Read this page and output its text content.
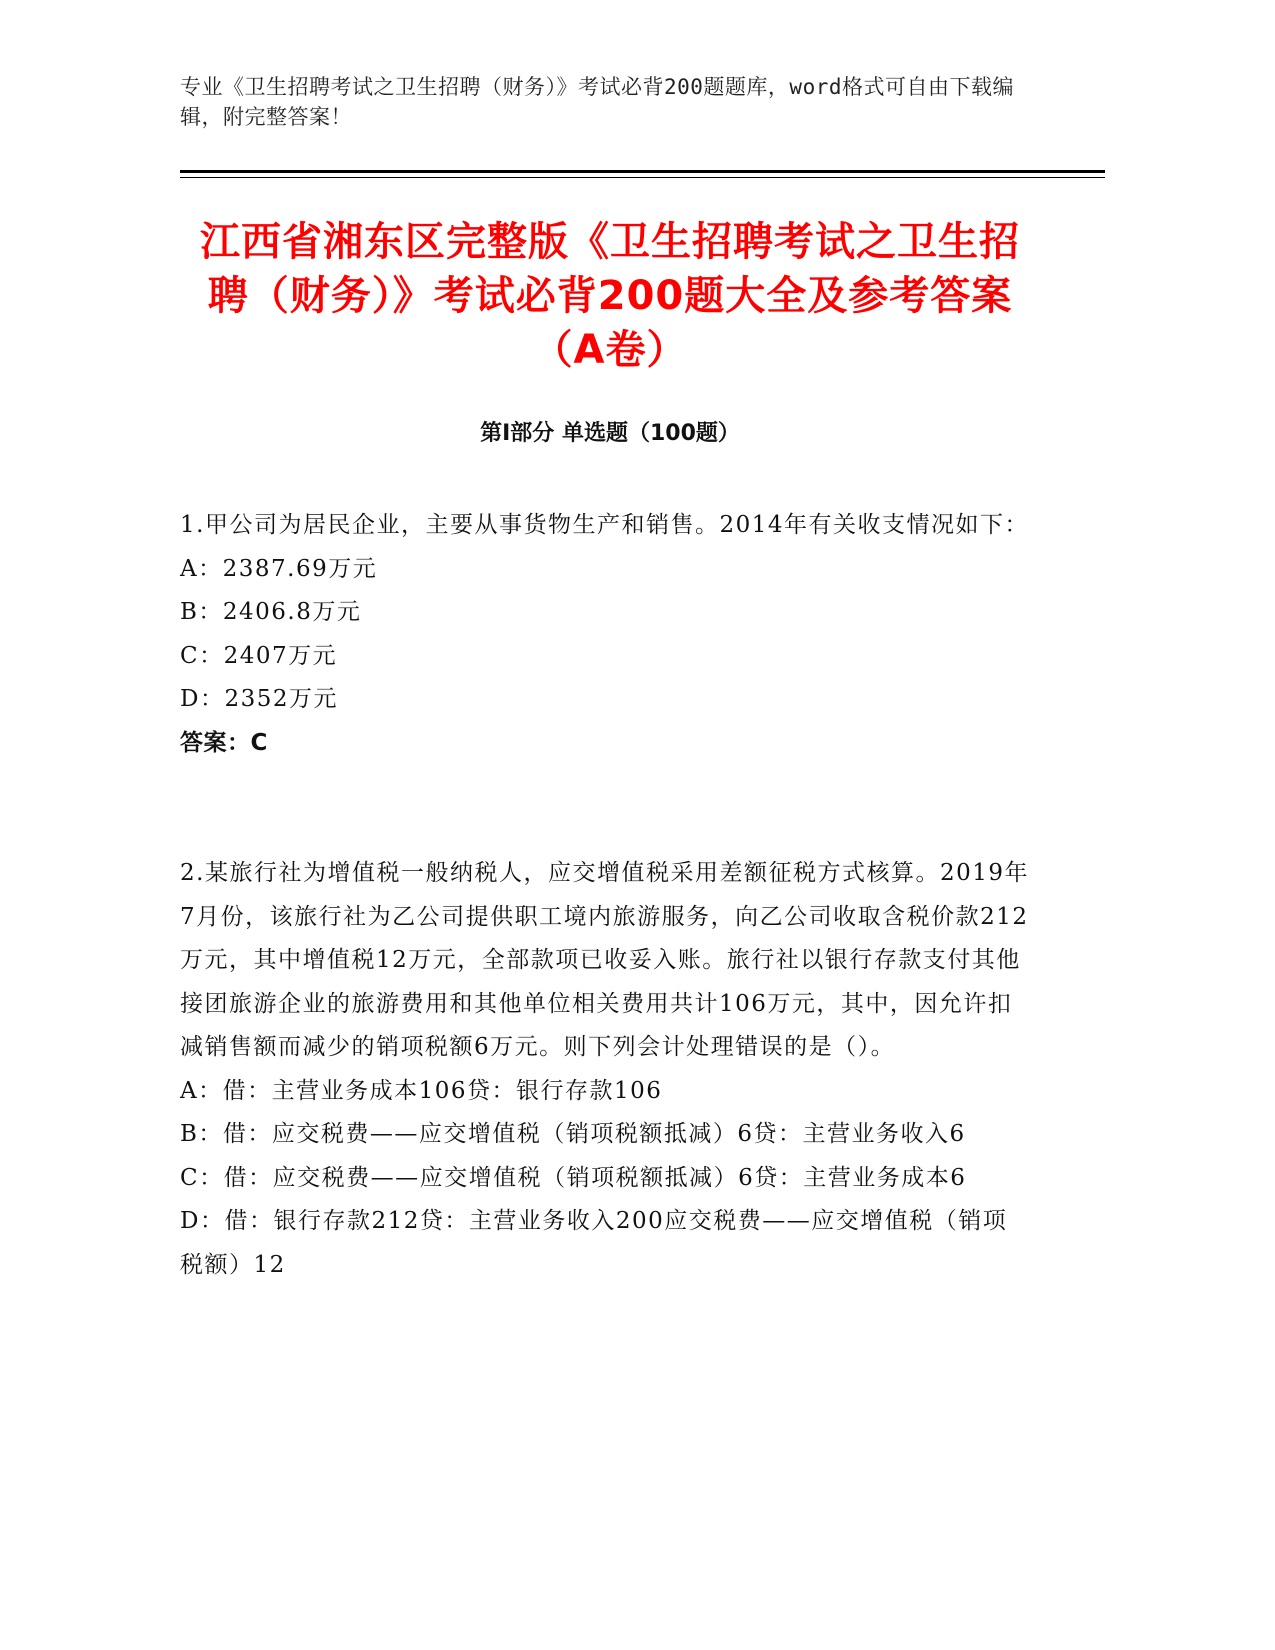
专业《卫生招聘考试之卫生招聘（财务）》考试必背200题题库，word格式可自由下载编辑，附完整答案！
江西省湘东区完整版《卫生招聘考试之卫生招聘（财务）》考试必背200题大全及参考答案（A卷）
第Ⅰ部分 单选题（100题）
1.甲公司为居民企业，主要从事货物生产和销售。2014年有关收支情况如下：
A：2387.69万元
B：2406.8万元
C：2407万元
D：2352万元
答案：C
2.某旅行社为增值税一般纳税人，应交增值税采用差额征税方式核算。2019年7月份，该旅行社为乙公司提供职工境内旅游服务，向乙公司收取含税价款212万元，其中增值税12万元，全部款项已收妥入账。旅行社以银行存款支付其他接团旅游企业的旅游费用和其他单位相关费用共计106万元，其中，因允许扣减销售额而减少的销项税额6万元。则下列会计处理错误的是（）。
A：借：主营业务成本106贷：银行存款106
B：借：应交税费——应交增值税（销项税额抵减）6贷：主营业务收入6
C：借：应交税费——应交增值税（销项税额抵减）6贷：主营业务成本6
D：借：银行存款212贷：主营业务收入200应交税费——应交增值税（销项税额）12
